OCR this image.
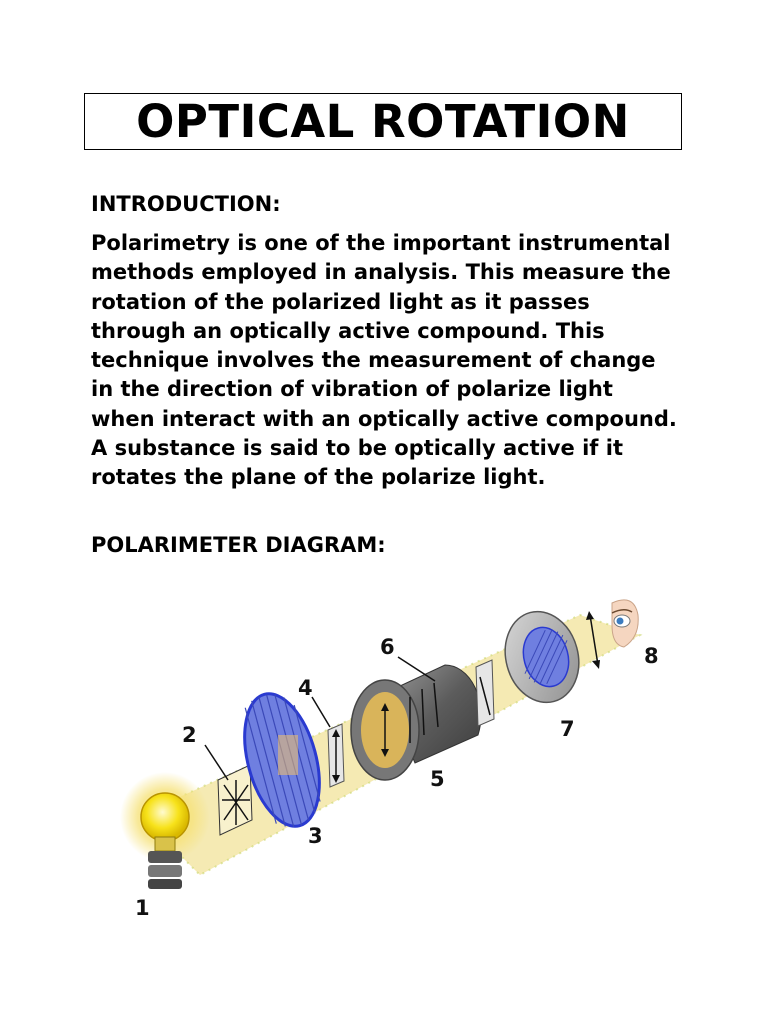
OPTICAL ROTATION

INTRODUCTION:

Polarimetry is one of the important instrumental methods employed in analysis. This measure the rotation of the polarized light as it passes through an optically active compound. This technique involves the measurement of change in the direction of vibration of polarize light when interact with an optically active compound. A substance is said to be optically active if it rotates the plane of the polarize light.

POLARIMETER DIAGRAM:

1
2
3
4
6
5
7
8
